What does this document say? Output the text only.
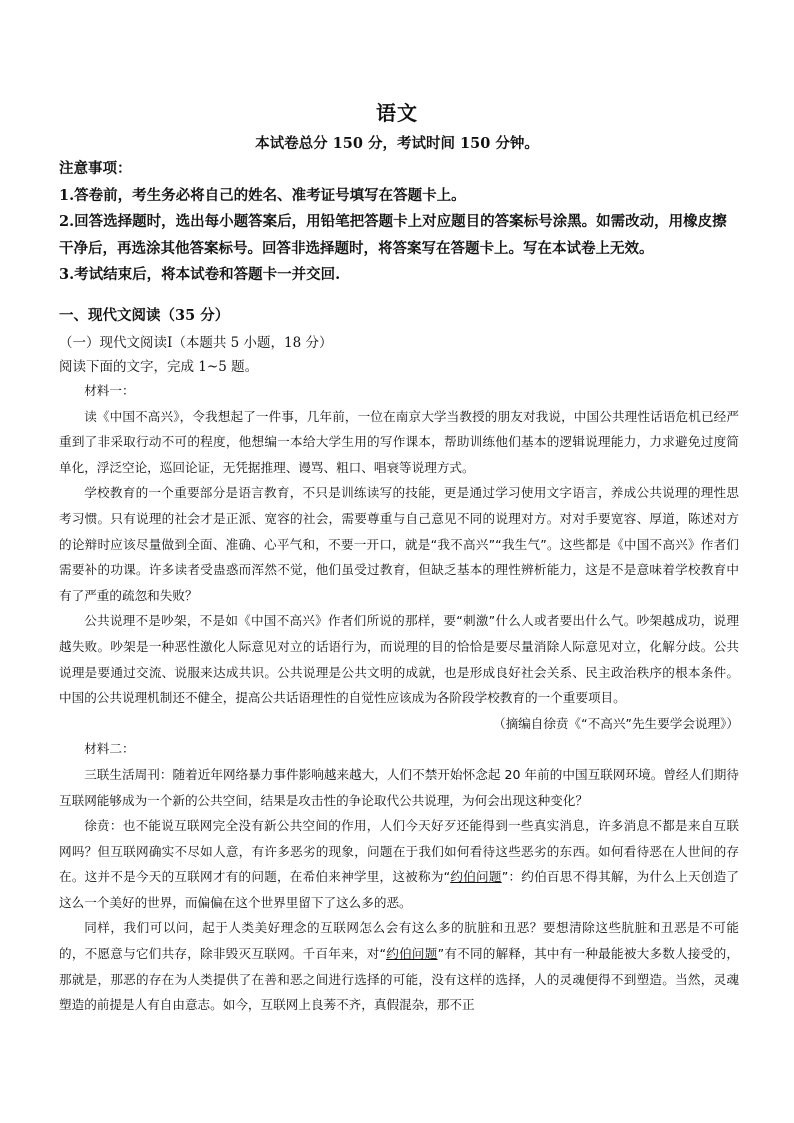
语文
本试卷总分 150 分，考试时间 150 分钟。

注意事项：

1.答卷前，考生务必将自己的姓名、准考证号填写在答题卡上。

2.回答选择题时，选出每小题答案后，用铅笔把答题卡上对应题目的答案标号涂黑。如需改动，用橡皮擦干净后，再选涂其他答案标号。回答非选择题时，将答案写在答题卡上。写在本试卷上无效。

3.考试结束后，将本试卷和答题卡一并交回.

一、现代文阅读（35 分）

（一）现代文阅读Ⅰ（本题共 5 小题，18 分）

阅读下面的文字，完成 1~5 题。

材料一：

读《中国不高兴》，令我想起了一件事，几年前，一位在南京大学当教授的朋友对我说，中国公共理性话语危机已经严重到了非采取行动不可的程度，他想编一本给大学生用的写作课本，帮助训练他们基本的逻辑说理能力，力求避免过度简单化，浮泛空论，巡回论证，无凭据推理、谩骂、粗口、唱衰等说理方式。

学校教育的一个重要部分是语言教育，不只是训练读写的技能，更是通过学习使用文字语言，养成公共说理的理性思考习惯。只有说理的社会才是正派、宽容的社会，需要尊重与自己意见不同的说理对方。对对手要宽容、厚道，陈述对方的论辩时应该尽量做到全面、准确、心平气和，不要一开口，就是“我不高兴”“我生气”。这些都是《中国不高兴》作者们需要补的功课。许多读者受蛊惑而浑然不觉，他们虽受过教育，但缺乏基本的理性辨析能力，这是不是意味着学校教育中有了严重的疏忽和失败？

公共说理不是吵架，不是如《中国不高兴》作者们所说的那样，要“刺激”什么人或者要出什么气。吵架越成功，说理越失败。吵架是一种恶性激化人际意见对立的话语行为，而说理的目的恰恰是要尽量消除人际意见对立，化解分歧。公共说理是要通过交流、说服来达成共识。公共说理是公共文明的成就，也是形成良好社会关系、民主政治秩序的根本条件。中国的公共说理机制还不健全，提高公共话语理性的自觉性应该成为各阶段学校教育的一个重要项目。

（摘编自徐贲《“不高兴”先生要学会说理》）

材料二：

三联生活周刊：随着近年网络暴力事件影响越来越大，人们不禁开始怀念起 20 年前的中国互联网环境。曾经人们期待互联网能够成为一个新的公共空间，结果是攻击性的争论取代公共说理，为何会出现这种变化？

徐贲：也不能说互联网完全没有新公共空间的作用，人们今天好歹还能得到一些真实消息，许多消息不都是来自互联网吗？但互联网确实不尽如人意，有许多恶劣的现象，问题在于我们如何看待这些恶劣的东西。如何看待恶在人世间的存在。这并不是今天的互联网才有的问题，在希伯来神学里，这被称为“约伯问题”：约伯百思不得其解，为什么上天创造了这么一个美好的世界，而偏偏在这个世界里留下了这么多的恶。

同样，我们可以问，起于人类美好理念的互联网怎么会有这么多的肮脏和丑恶？要想清除这些肮脏和丑恶是不可能的，不愿意与它们共存，除非毁灭互联网。千百年来，对“约伯问题”有不同的解释，其中有一种最能被大多数人接受的，那就是，那恶的存在为人类提供了在善和恶之间进行选择的可能，没有这样的选择，人的灵魂便得不到塑造。当然，灵魂塑造的前提是人有自由意志。如今，互联网上良莠不齐，真假混杂，那不正
